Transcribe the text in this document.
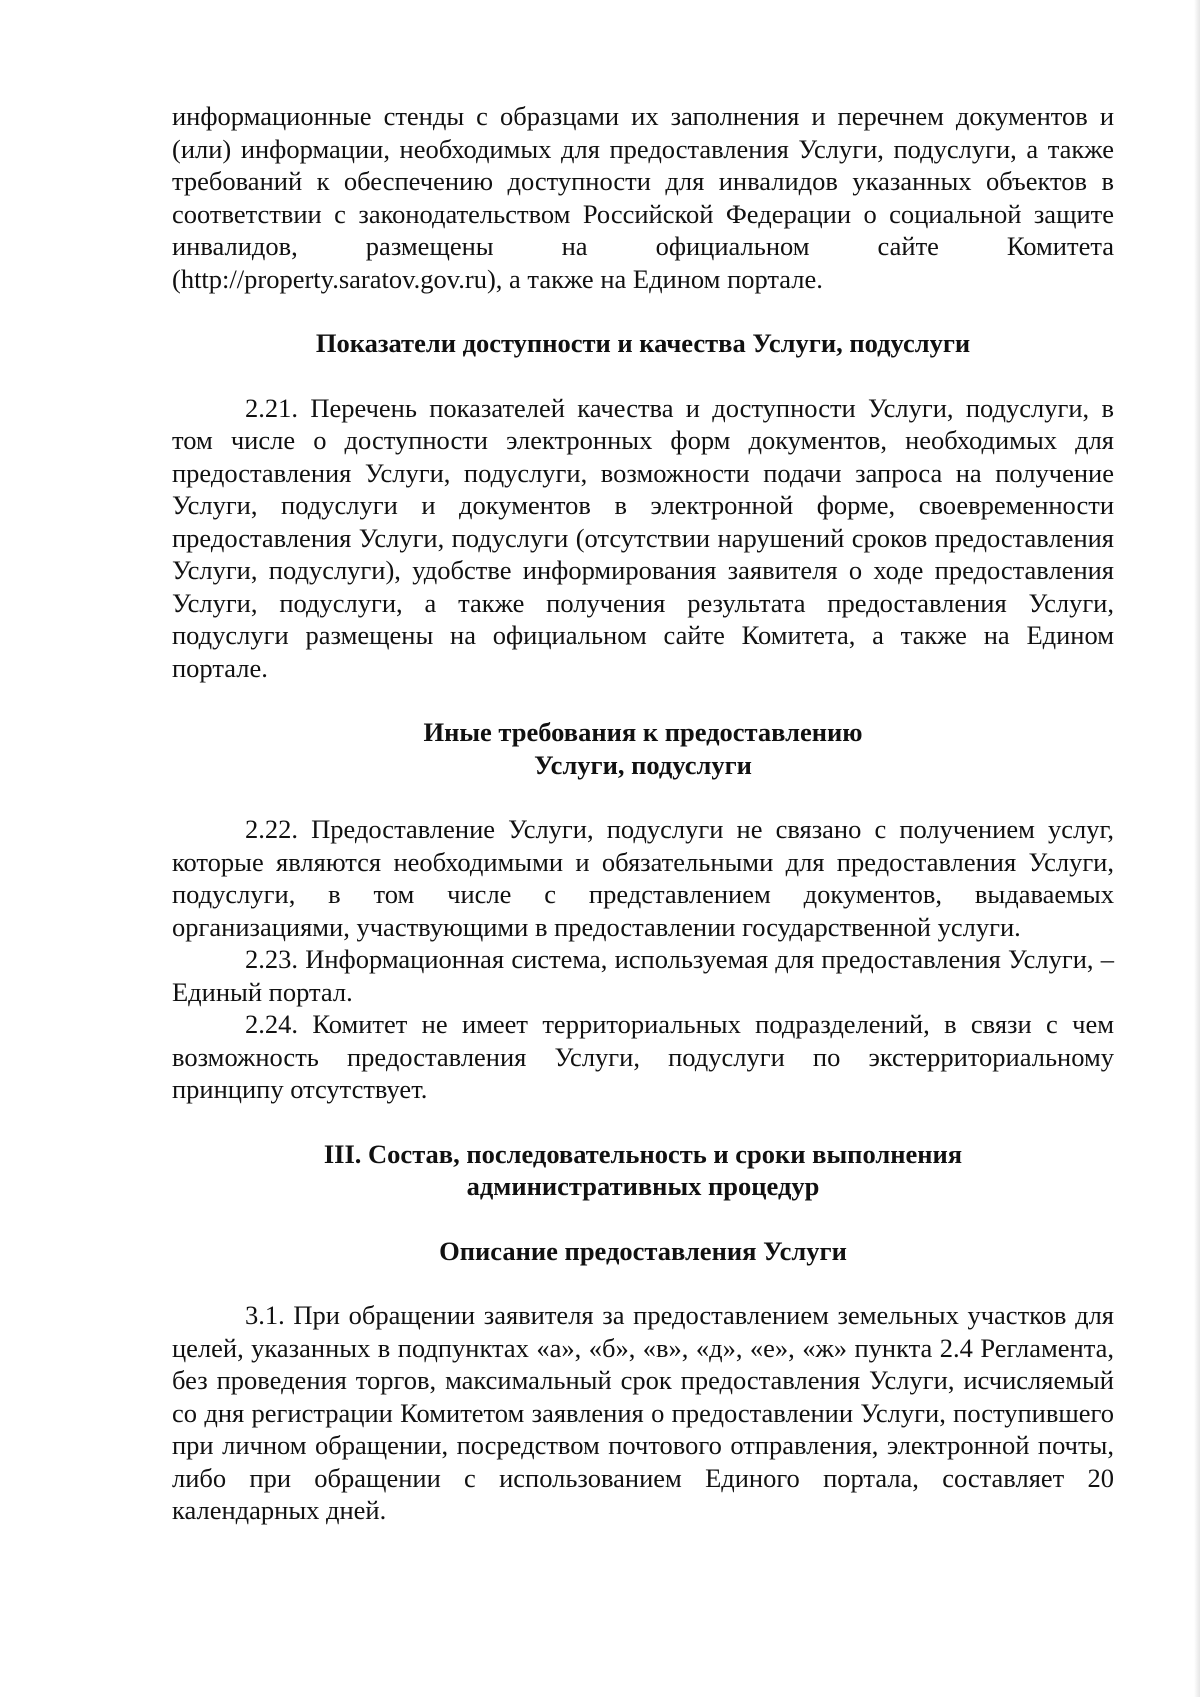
информационные стенды с образцами их заполнения и перечнем документов и (или) информации, необходимых для предоставления Услуги, подуслуги, а также требований к обеспечению доступности для инвалидов указанных объектов в соответствии с законодательством Российской Федерации о социальной защите инвалидов, размещены на официальном сайте Комитета (http://property.saratov.gov.ru), а также на Едином портале.

Показатели доступности и качества Услуги, подуслуги

2.21. Перечень показателей качества и доступности Услуги, подуслуги, в том числе о доступности электронных форм документов, необходимых для предоставления Услуги, подуслуги, возможности подачи запроса на получение Услуги, подуслуги и документов в электронной форме, своевременности предоставления Услуги, подуслуги (отсутствии нарушений сроков предоставления Услуги, подуслуги), удобстве информирования заявителя о ходе предоставления Услуги, подуслуги, а также получения результата предоставления Услуги, подуслуги размещены на официальном сайте Комитета, а также на Едином портале.

Иные требования к предоставлению
Услуги, подуслуги

2.22. Предоставление Услуги, подуслуги не связано с получением услуг, которые являются необходимыми и обязательными для предоставления Услуги, подуслуги, в том числе с представлением документов, выдаваемых организациями, участвующими в предоставлении государственной услуги.

2.23. Информационная система, используемая для предоставления Услуги, – Единый портал.

2.24. Комитет не имеет территориальных подразделений, в связи с чем возможность предоставления Услуги, подуслуги по экстерриториальному принципу отсутствует.

III. Состав, последовательность и сроки выполнения
административных процедур
Описание предоставления Услуги

3.1. При обращении заявителя за предоставлением земельных участков для целей, указанных в подпунктах «а», «б», «в», «д», «е», «ж» пункта 2.4 Регламента, без проведения торгов, максимальный срок предоставления Услуги, исчисляемый со дня регистрации Комитетом заявления о предоставлении Услуги, поступившего при личном обращении, посредством почтового отправления, электронной почты, либо при обращении с использованием Единого портала, составляет 20 календарных дней.
